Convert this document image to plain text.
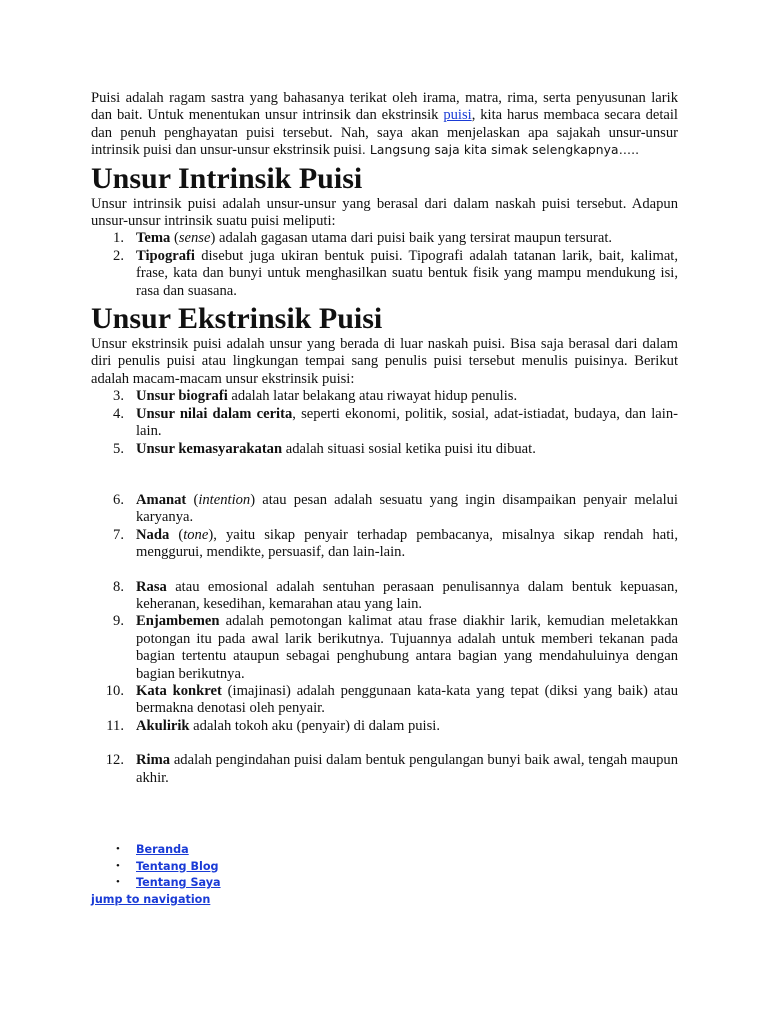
Puisi adalah ragam sastra yang bahasanya terikat oleh irama, matra, rima, serta penyusunan larik dan bait. Untuk menentukan unsur intrinsik dan ekstrinsik puisi, kita harus membaca secara detail dan penuh penghayatan puisi tersebut. Nah, saya akan menjelaskan apa sajakah unsur-unsur intrinsik puisi dan unsur-unsur ekstrinsik puisi. Langsung saja kita simak selengkapnya…..

Unsur Intrinsik Puisi

Unsur intrinsik puisi adalah unsur-unsur yang berasal dari dalam naskah puisi tersebut. Adapun unsur-unsur intrinsik suatu puisi meliputi:

1. Tema (sense) adalah gagasan utama dari puisi baik yang tersirat maupun tersurat.
2. Tipografi disebut juga ukiran bentuk puisi. Tipografi adalah tatanan larik, bait, kalimat, frase, kata dan bunyi untuk menghasilkan suatu bentuk fisik yang mampu mendukung isi, rasa dan suasana.
Unsur Ekstrinsik Puisi

Unsur ekstrinsik puisi adalah unsur yang berada di luar naskah puisi. Bisa saja berasal dari dalam diri penulis puisi atau lingkungan tempai sang penulis puisi tersebut menulis puisinya. Berikut adalah macam-macam unsur ekstrinsik puisi:

3. Unsur biografi adalah latar belakang atau riwayat hidup penulis.
4. Unsur nilai dalam cerita, seperti ekonomi, politik, sosial, adat-istiadat, budaya, dan lain-lain.
5. Unsur kemasyarakatan adalah situasi sosial ketika puisi itu dibuat.
6. Amanat (intention) atau pesan adalah sesuatu yang ingin disampaikan penyair melalui karyanya.
7. Nada (tone), yaitu sikap penyair terhadap pembacanya, misalnya sikap rendah hati, menggurui, mendikte, persuasif, dan lain-lain.
8. Rasa atau emosional adalah sentuhan perasaan penulisannya dalam bentuk kepuasan, keheranan, kesedihan, kemarahan atau yang lain.
9. Enjambemen adalah pemotongan kalimat atau frase diakhir larik, kemudian meletakkan potongan itu pada awal larik berikutnya. Tujuannya adalah untuk memberi tekanan pada bagian tertentu ataupun sebagai penghubung antara bagian yang mendahuluinya dengan bagian berikutnya.
10. Kata konkret (imajinasi) adalah penggunaan kata-kata yang tepat (diksi yang baik) atau bermakna denotasi oleh penyair.
11. Akulirik adalah tokoh aku (penyair) di dalam puisi.
12. Rima adalah pengindahan puisi dalam bentuk pengulangan bunyi baik awal, tengah maupun akhir.
• Beranda
• Tentang Blog
• Tentang Saya
jump to navigation
